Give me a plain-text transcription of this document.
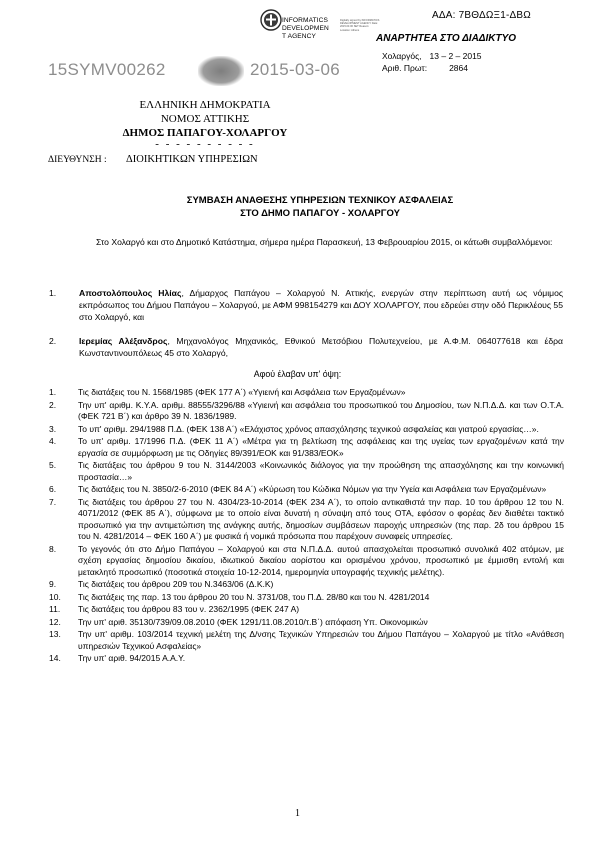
ΑΔΑ: 7ΒΘΔΩΞ1-ΔΒΩ
INFORMATICS
DEVELOPMEN
T AGENCY
Digitally signed by INFORMATICS DEVELOPMENT AGENCY Date: 2015.03.06 SET Reason: Location: Athens
ΑΝΑΡΤΗΤΕΑ ΣΤΟ ΔΙΑΔΙΚΤΥΟ
Χολαργός, 13 – 2 – 2015
Αριθ. Πρωτ:	2864
15SYMV00262	2015-03-06
ΕΛΛΗΝΙΚΗ ΔΗΜΟΚΡΑΤΙΑ
ΝΟΜΟΣ ΑΤΤΙΚΗΣ
ΔΗΜΟΣ ΠΑΠΑΓΟΥ-ΧΟΛΑΡΓΟΥ
- - - - - - - - - -
ΔΙΕΥΘΥΝΣΗ : ΔΙΟΙΚΗΤΙΚΩΝ ΥΠΗΡΕΣΙΩΝ
ΣΥΜΒΑΣΗ ΑΝΑΘΕΣΗΣ ΥΠΗΡΕΣΙΩΝ ΤΕΧΝΙΚΟΥ ΑΣΦΑΛΕΙΑΣ
ΣΤΟ ΔΗΜΟ ΠΑΠΑΓΟΥ - ΧΟΛΑΡΓΟΥ
Στο Χολαργό και στο Δημοτικό Κατάστημα, σήμερα ημέρα Παρασκευή, 13 Φεβρουαρίου 2015, οι κάτωθι συμβαλλόμενοι:
1.	Αποστολόπουλος Ηλίας, Δήμαρχος Παπάγου – Χολαργού Ν. Αττικής, ενεργών στην περίπτωση αυτή ως νόμιμος εκπρόσωπος του Δήμου Παπάγου – Χολαργού, με ΑΦΜ 998154279 και ΔΟΥ ΧΟΛΑΡΓΟΥ, που εδρεύει στην οδό Περικλέους 55 στο Χολαργό, και
2.	Ιερεμίας Αλέξανδρος, Μηχανολόγος Μηχανικός, Εθνικού Μετσόβιου Πολυτεχνείου, με Α.Φ.Μ. 064077618 και έδρα Κωνσταντινουπόλεως 45 στο Χολαργό,
Αφού έλαβαν υπ' όψη:
1.	Τις διατάξεις του Ν. 1568/1985 (ΦΕΚ 177 Α΄) «Υγιεινή και Ασφάλεια των Εργαζομένων»
2.	Την υπ' αριθμ. Κ.Υ.Α. αριθμ. 88555/3296/88 «Υγιεινή και ασφάλεια του προσωπικού του Δημοσίου, των Ν.Π.Δ.Δ. και των Ο.Τ.Α. (ΦΕΚ 721 Β΄) και άρθρο 39 Ν. 1836/1989.
3.	Το υπ' αριθμ. 294/1988 Π.Δ. (ΦΕΚ 138 Α΄) «Ελάχιστος χρόνος απασχόλησης τεχνικού ασφαλείας και γιατρού εργασίας…».
4.	Το υπ' αριθμ. 17/1996 Π.Δ. (ΦΕΚ 11 Α΄) «Μέτρα για τη βελτίωση της ασφάλειας και της υγείας των εργαζομένων κατά την εργασία σε συμμόρφωση με τις Οδηγίες 89/391/ΕΟΚ και 91/383/ΕΟΚ»
5.	Τις διατάξεις του άρθρου 9 του Ν. 3144/2003 «Κοινωνικός διάλογος για την προώθηση της απασχόλησης και την κοινωνική προστασία…»
6.	Τις διατάξεις του Ν. 3850/2-6-2010 (ΦΕΚ 84 Α΄) «Κύρωση του Κώδικα Νόμων για την Υγεία και Ασφάλεια των Εργαζομένων»
7.	Τις διατάξεις του άρθρου 27 του Ν. 4304/23-10-2014 (ΦΕΚ 234 Α΄), το οποίο αντικαθιστά την παρ. 10 του άρθρου 12 του Ν. 4071/2012 (ΦΕΚ 85 Α΄), σύμφωνα με το οποίο είναι δυνατή η σύναψη από τους ΟΤΑ, εφόσον ο φορέας δεν διαθέτει τακτικό προσωπικό για την αντιμετώπιση της ανάγκης αυτής, δημοσίων συμβάσεων παροχής υπηρεσιών (της παρ. 2δ του άρθρου 15 του Ν. 4281/2014 – ΦΕΚ 160 Α΄) με φυσικά ή νομικά πρόσωπα που παρέχουν συναφείς υπηρεσίες.
8.	Το γεγονός ότι στο Δήμο Παπάγου – Χολαργού και στα Ν.Π.Δ.Δ. αυτού απασχολείται προσωπικό συνολικά 402 ατόμων, με σχέση εργασίας δημοσίου δικαίου, ιδιωτικού δικαίου αορίστου και ορισμένου χρόνου, προσωπικό με έμμισθη εντολή και μετακλητό προσωπικό (ποσοτικά στοιχεία 10-12-2014, ημερομηνία υπογραφής τεχνικής μελέτης).
9.	Τις διατάξεις του άρθρου 209 του Ν.3463/06 (Δ.Κ.Κ)
10.	Τις διατάξεις της παρ. 13 του άρθρου 20 του Ν. 3731/08, του Π.Δ. 28/80 και του Ν. 4281/2014
11.	Τις διατάξεις του άρθρου 83 του ν. 2362/1995 (ΦΕΚ 247 Α)
12.	Την υπ' αριθ. 35130/739/09.08.2010 (ΦΕΚ 1291/11.08.2010/τ.Β΄) απόφαση Υπ. Οικονομικών
13.	Την υπ' αριθμ. 103/2014 τεχνική μελέτη της Δ/νσης Τεχνικών Υπηρεσιών του Δήμου Παπάγου – Χολαργού με τίτλο «Ανάθεση υπηρεσιών Τεχνικού Ασφαλείας»
14.	Την υπ' αριθ. 94/2015 Α.Α.Υ.
1
